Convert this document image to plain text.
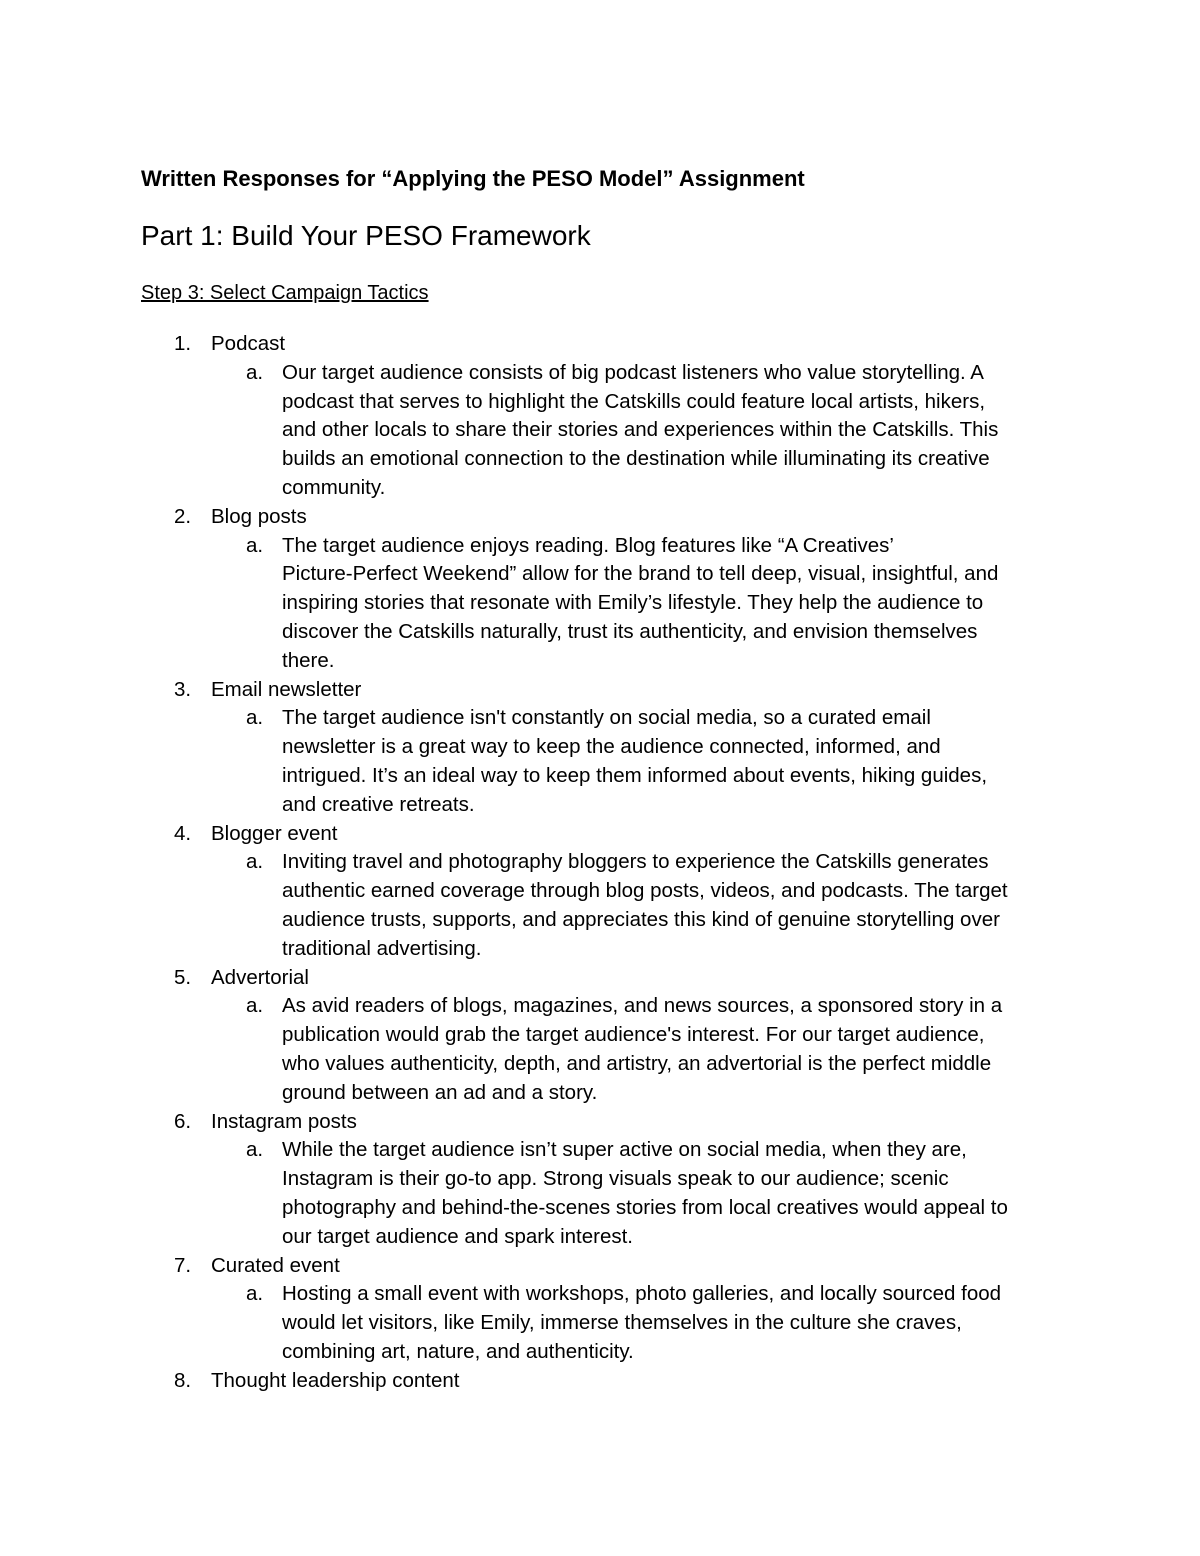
Written Responses for “Applying the PESO Model” Assignment
Part 1: Build Your PESO Framework
Step 3: Select Campaign Tactics
1. Podcast
a. Our target audience consists of big podcast listeners who value storytelling. A
podcast that serves to highlight the Catskills could feature local artists, hikers,
and other locals to share their stories and experiences within the Catskills. This
builds an emotional connection to the destination while illuminating its creative
community.
2. Blog posts
a. The target audience enjoys reading. Blog features like “A Creatives’
Picture-Perfect Weekend” allow for the brand to tell deep, visual, insightful, and
inspiring stories that resonate with Emily’s lifestyle. They help the audience to
discover the Catskills naturally, trust its authenticity, and envision themselves
there.
3. Email newsletter
a. The target audience isn't constantly on social media, so a curated email
newsletter is a great way to keep the audience connected, informed, and
intrigued. It’s an ideal way to keep them informed about events, hiking guides,
and creative retreats.
4. Blogger event
a. Inviting travel and photography bloggers to experience the Catskills generates
authentic earned coverage through blog posts, videos, and podcasts. The target
audience trusts, supports, and appreciates this kind of genuine storytelling over
traditional advertising.
5. Advertorial
a. As avid readers of blogs, magazines, and news sources, a sponsored story in a
publication would grab the target audience's interest. For our target audience,
who values authenticity, depth, and artistry, an advertorial is the perfect middle
ground between an ad and a story.
6. Instagram posts
a. While the target audience isn’t super active on social media, when they are,
Instagram is their go-to app. Strong visuals speak to our audience; scenic
photography and behind-the-scenes stories from local creatives would appeal to
our target audience and spark interest.
7. Curated event
a. Hosting a small event with workshops, photo galleries, and locally sourced food
would let visitors, like Emily, immerse themselves in the culture she craves,
combining art, nature, and authenticity.
8. Thought leadership content
